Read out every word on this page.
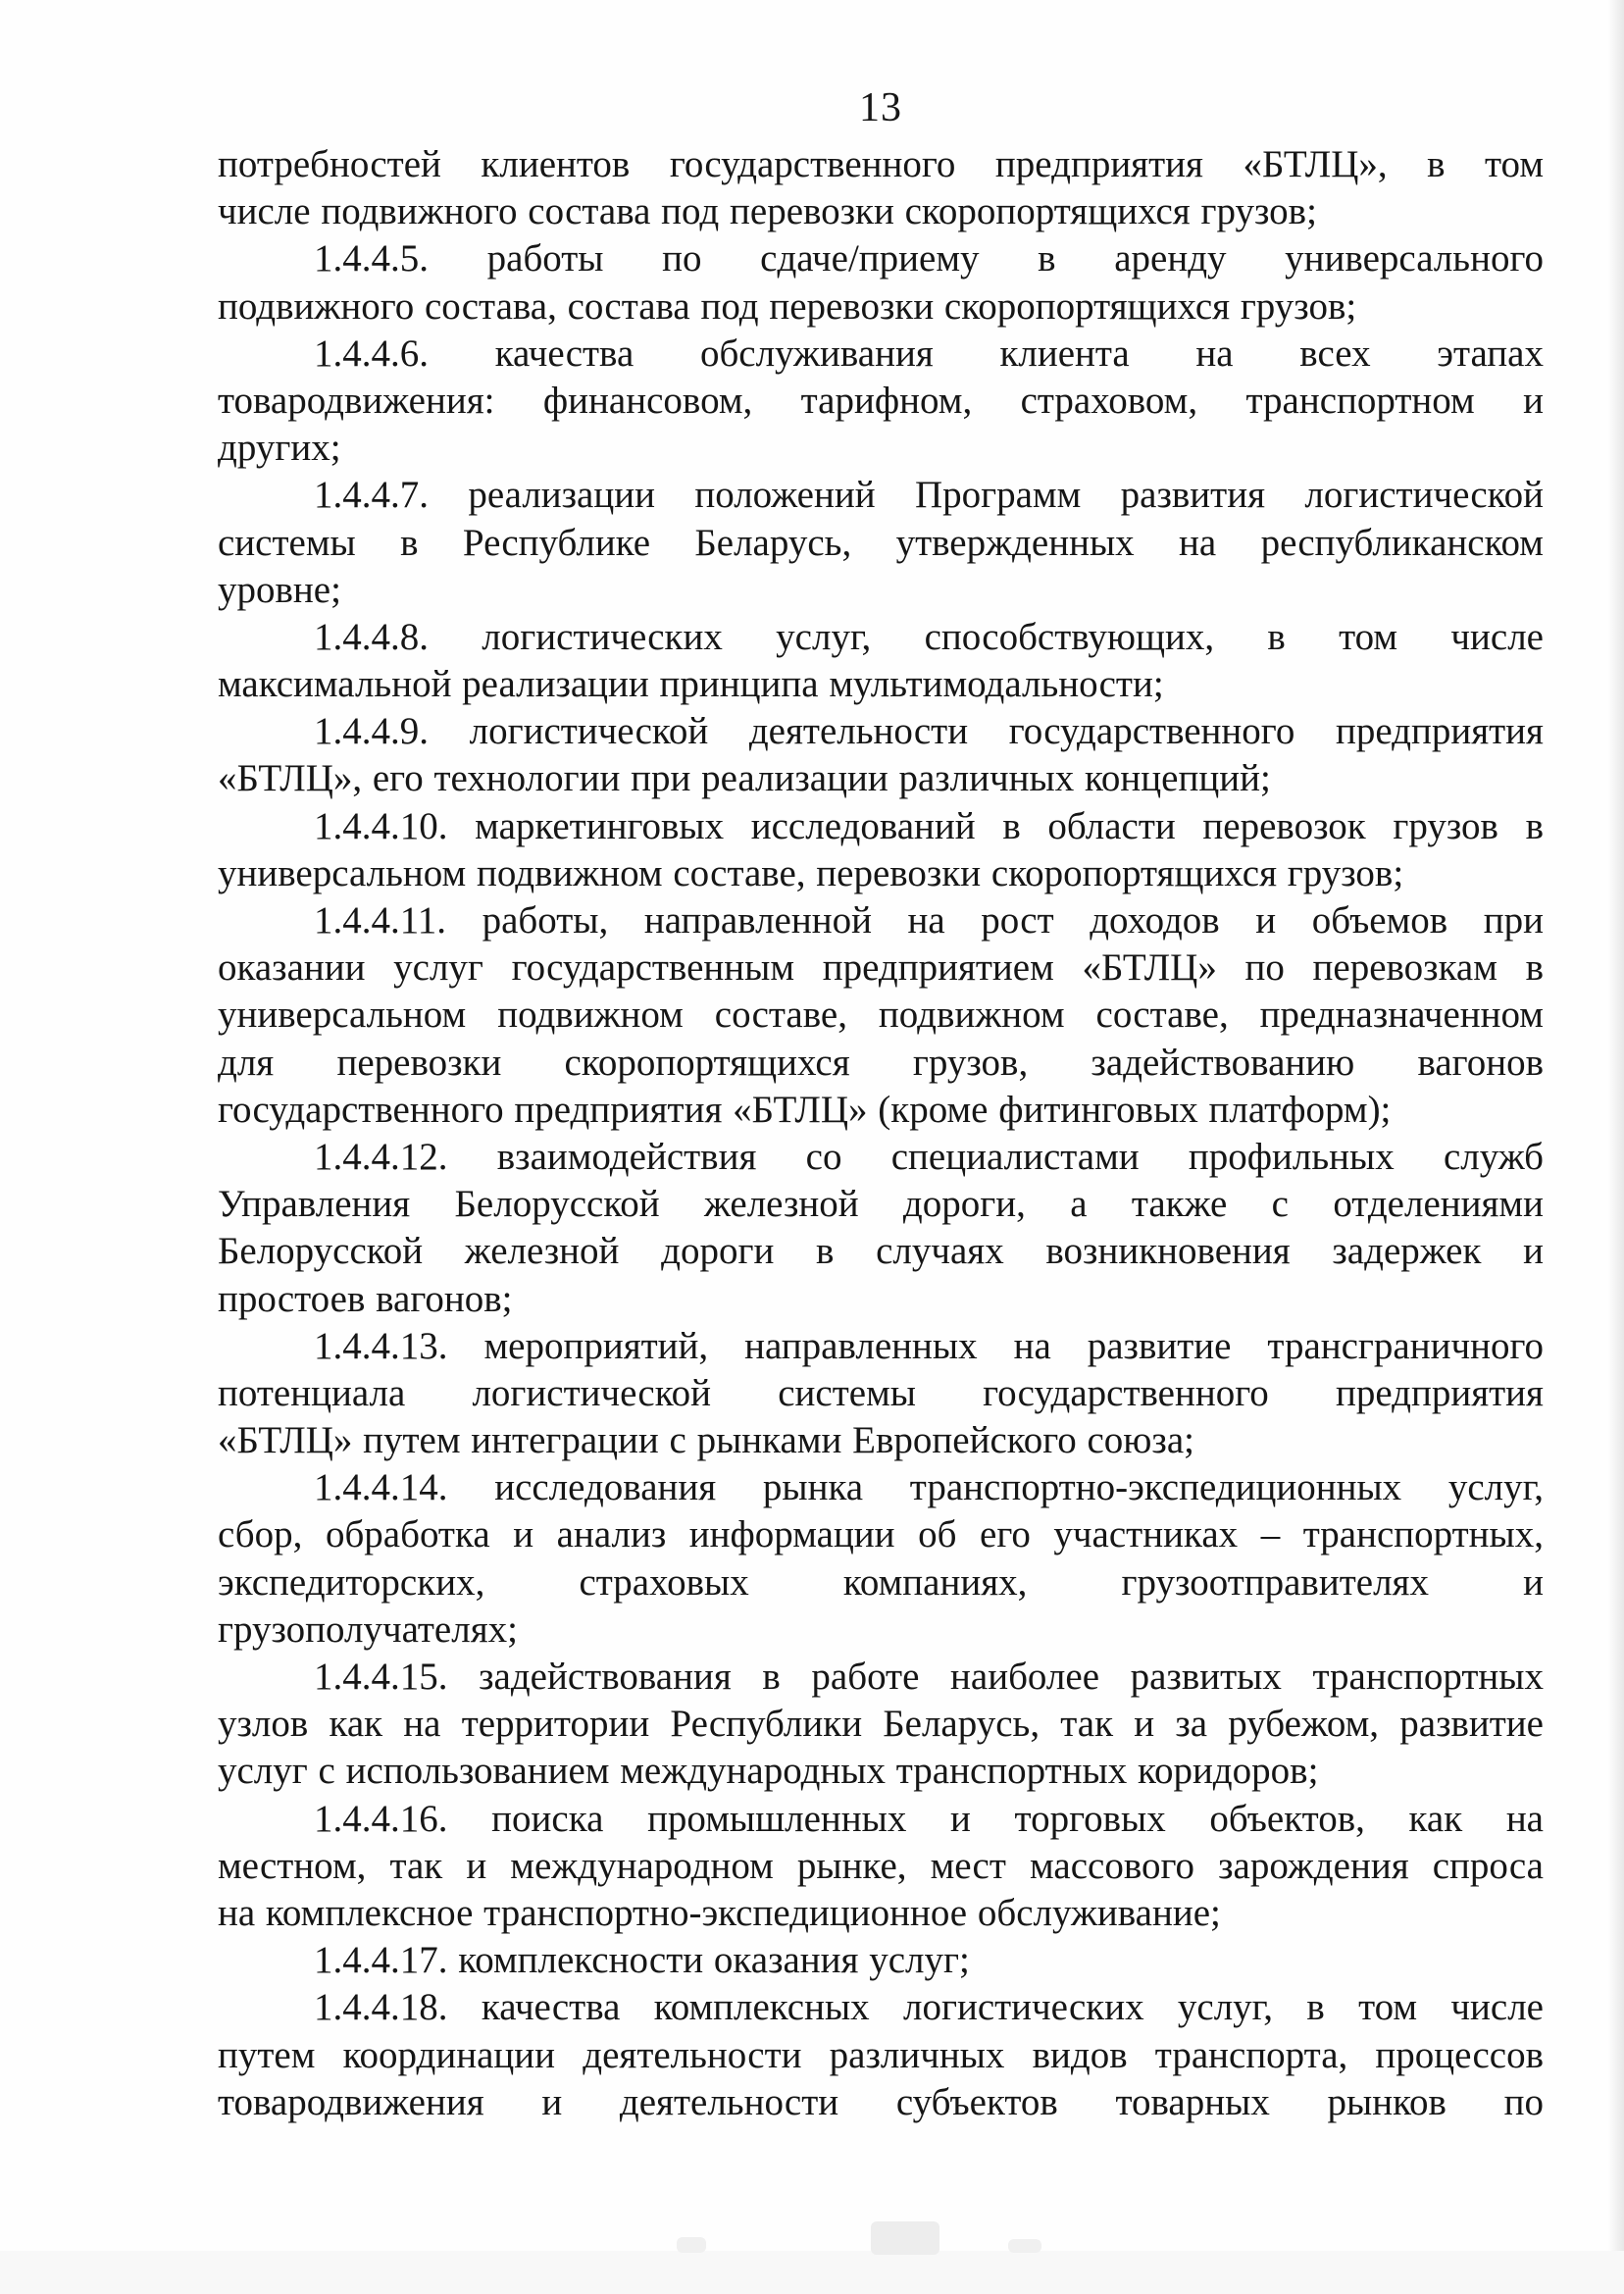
13
потребностей клиентов государственного предприятия «БТЛЦ», в том
числе подвижного состава под перевозки скоропортящихся грузов;
1.4.4.5. работы по сдаче/приему в аренду универсального
подвижного состава, состава под перевозки скоропортящихся грузов;
1.4.4.6. качества обслуживания клиента на всех этапах
товародвижения: финансовом, тарифном, страховом, транспортном и
других;
1.4.4.7. реализации положений Программ развития логистической
системы в Республике Беларусь, утвержденных на республиканском
уровне;
1.4.4.8. логистических услуг, способствующих, в том числе
максимальной реализации принципа мультимодальности;
1.4.4.9. логистической деятельности государственного предприятия
«БТЛЦ», его технологии при реализации различных концепций;
1.4.4.10. маркетинговых исследований в области перевозок грузов в
универсальном подвижном составе, перевозки скоропортящихся грузов;
1.4.4.11. работы, направленной на рост доходов и объемов при
оказании услуг государственным предприятием «БТЛЦ» по перевозкам в
универсальном подвижном составе, подвижном составе, предназначенном
для перевозки скоропортящихся грузов, задействованию вагонов
государственного предприятия «БТЛЦ» (кроме фитинговых платформ);
1.4.4.12. взаимодействия со специалистами профильных служб
Управления Белорусской железной дороги, а также с отделениями
Белорусской железной дороги в случаях возникновения задержек и
простоев вагонов;
1.4.4.13. мероприятий, направленных на развитие трансграничного
потенциала логистической системы государственного предприятия
«БТЛЦ» путем интеграции с рынками Европейского союза;
1.4.4.14. исследования рынка транспортно-экспедиционных услуг,
сбор, обработка и анализ информации об его участниках – транспортных,
экспедиторских, страховых компаниях, грузоотправителях и
грузополучателях;
1.4.4.15. задействования в работе наиболее развитых транспортных
узлов как на территории Республики Беларусь, так и за рубежом, развитие
услуг с использованием международных транспортных коридоров;
1.4.4.16. поиска промышленных и торговых объектов, как на
местном, так и международном рынке, мест массового зарождения спроса
на комплексное транспортно-экспедиционное обслуживание;
1.4.4.17. комплексности оказания услуг;
1.4.4.18. качества комплексных логистических услуг, в том числе
путем координации деятельности различных видов транспорта, процессов
товародвижения и деятельности субъектов товарных рынков по
